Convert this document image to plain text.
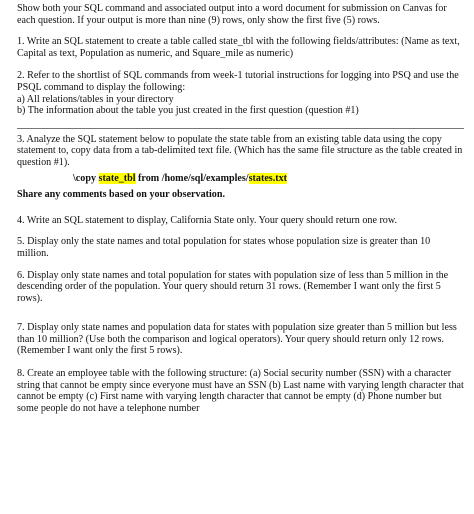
Show both your SQL command and associated output into a word document for submission on Canvas for each question. If your output is more than nine (9) rows, only show the first five (5) rows.

1. Write an SQL statement to create a table called state_tbl with the following fields/attributes: (Name as text, Capital as text, Population as numeric, and Square_mile as numeric)

2. Refer to the shortlist of SQL commands from week-1 tutorial instructions for logging into PSQ and use the PSQL command to display the following:

a) All relations/tables in your directory

b) The information about the table you just created in the first question (question #1)

3. Analyze the SQL statement below to populate the state table from an existing table data using the copy statement to, copy data from a tab-delimited text file. (Which has the same file structure as the table created in question #1).

\copy state_tbl from /home/sql/examples/states.txt

Share any comments based on your observation.

4. Write an SQL statement to display, California State only. Your query should return one row.

5. Display only the state names and total population for states whose population size is greater than 10 million.

6. Display only state names and total population for states with population size of less than 5 million in the descending order of the population. Your query should return 31 rows. (Remember I want only the first 5 rows).

7. Display only state names and population data for states with population size greater than 5 million but less than 10 million? (Use both the comparison and logical operators). Your query should return only 12 rows. (Remember I want only the first 5 rows).

8. Create an employee table with the following structure: (a) Social security number (SSN) with a character string that cannot be empty since everyone must have an SSN (b) Last name with varying length character that cannot be empty (c) First name with varying length character that cannot be empty (d) Phone number but some people do not have a telephone number
